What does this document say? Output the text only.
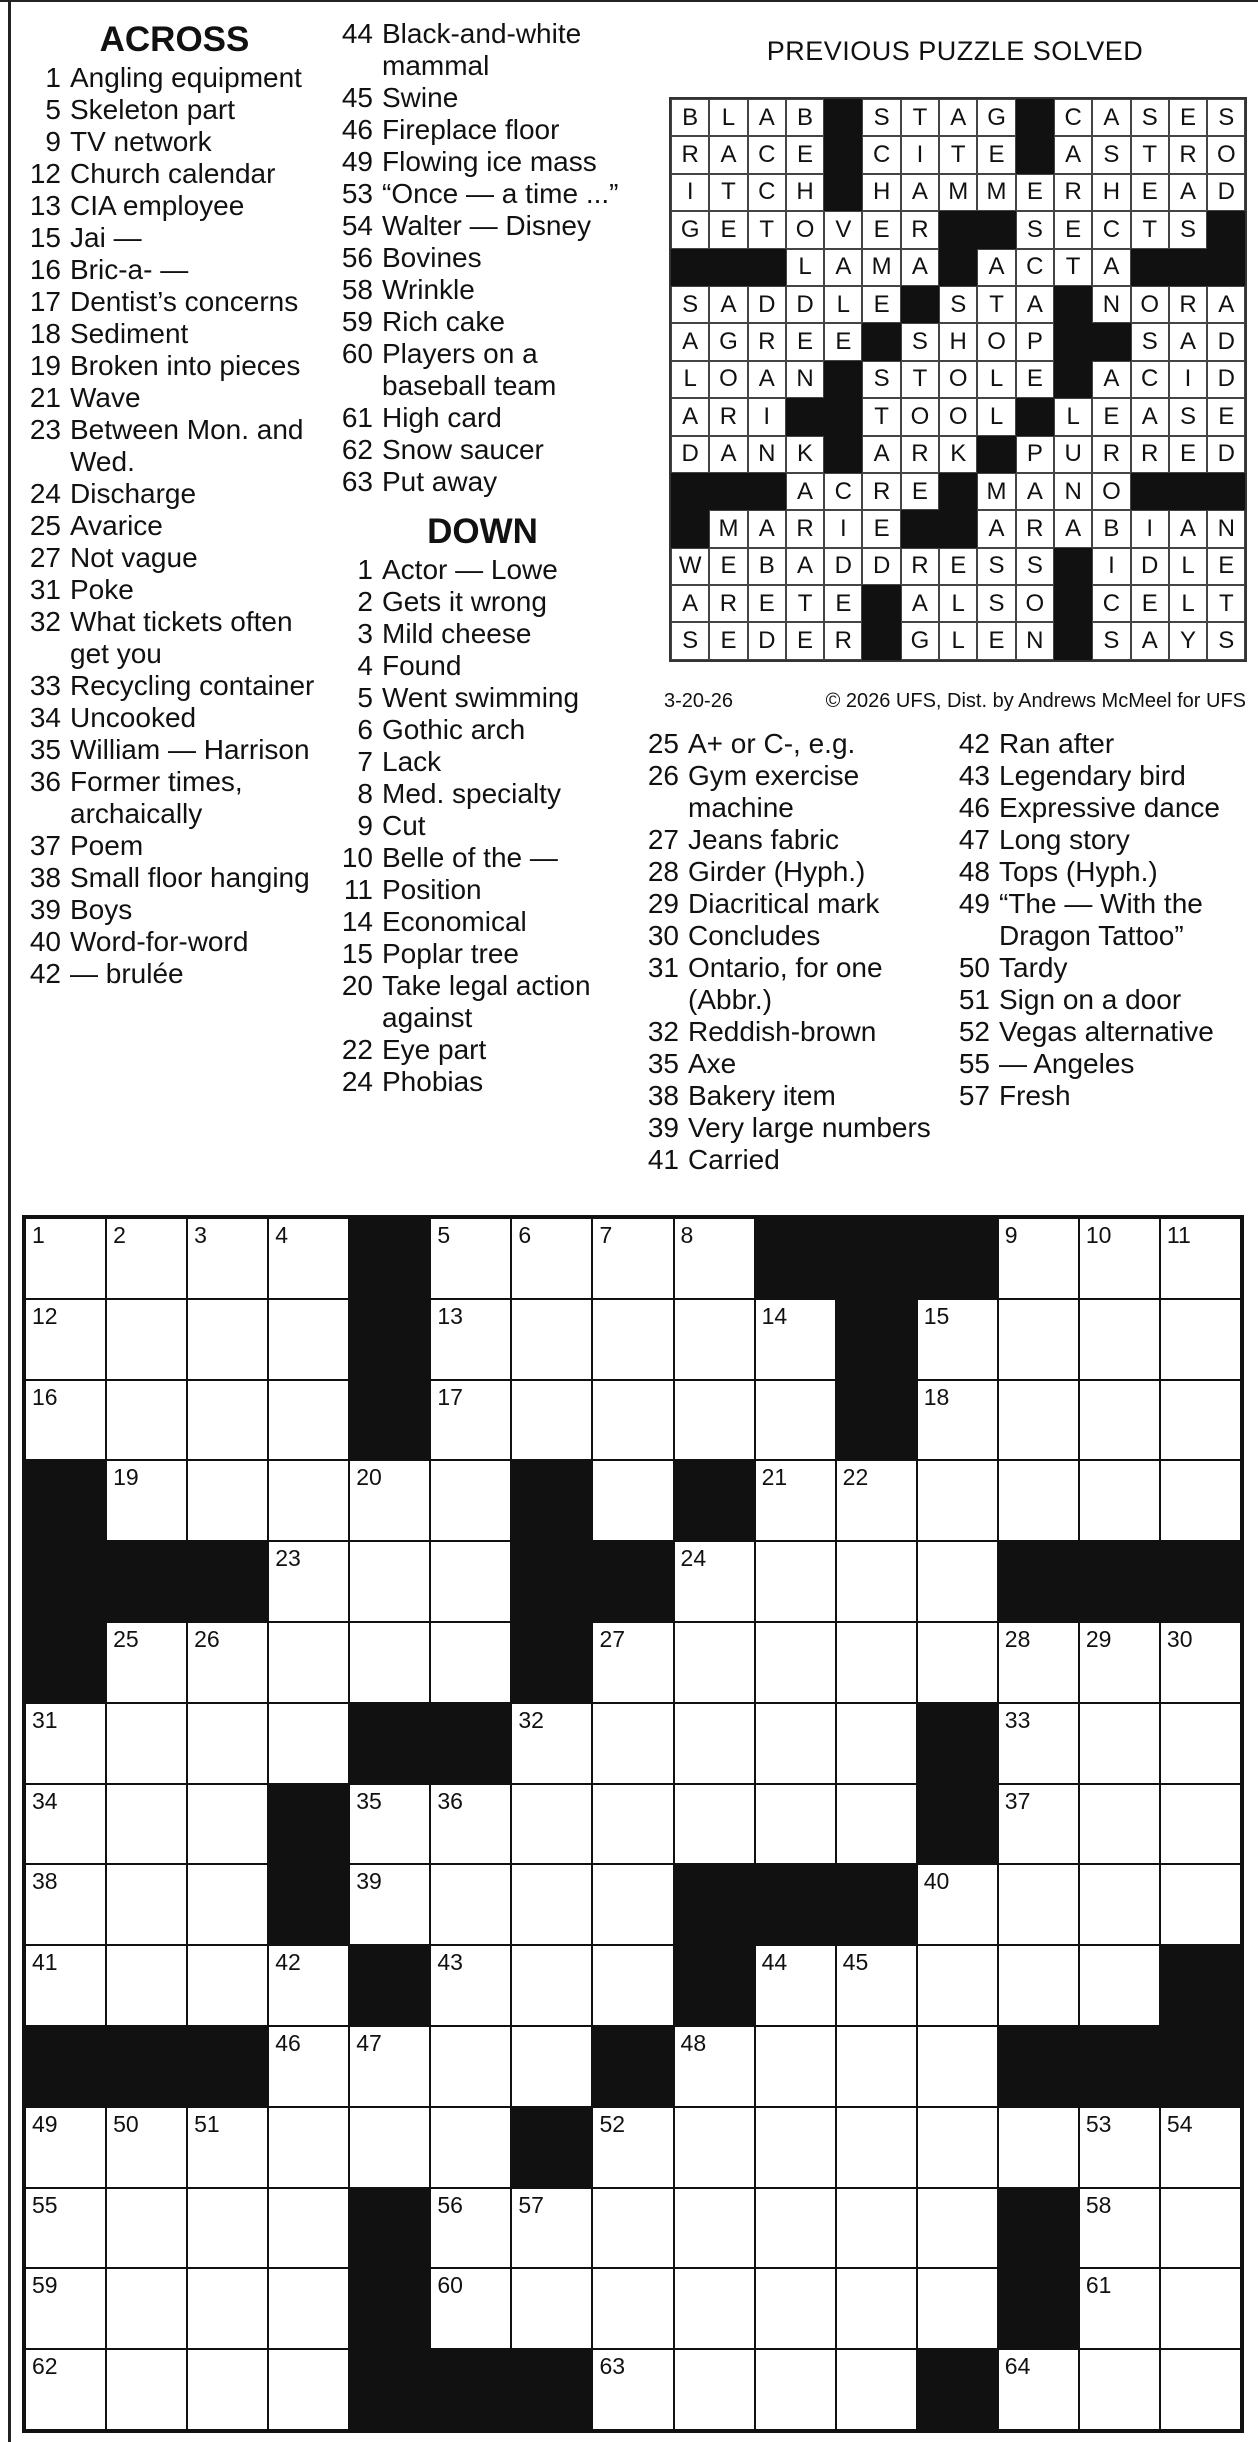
ACROSS
1 Angling equipment
5 Skeleton part
9 TV network
12 Church calendar
13 CIA employee
15 Jai —
16 Bric-a- —
17 Dentist’s concerns
18 Sediment
19 Broken into pieces
21 Wave
23 Between Mon. and Wed.
24 Discharge
25 Avarice
27 Not vague
31 Poke
32 What tickets often get you
33 Recycling container
34 Uncooked
35 William — Harrison
36 Former times, archaically
37 Poem
38 Small floor hanging
39 Boys
40 Word-for-word
42 — brulée
44 Black-and-white mammal
45 Swine
46 Fireplace floor
49 Flowing ice mass
53 “Once — a time ...”
54 Walter — Disney
56 Bovines
58 Wrinkle
59 Rich cake
60 Players on a baseball team
61 High card
62 Snow saucer
63 Put away
DOWN
1 Actor — Lowe
2 Gets it wrong
3 Mild cheese
4 Found
5 Went swimming
6 Gothic arch
7 Lack
8 Med. specialty
9 Cut
10 Belle of the —
11 Position
14 Economical
15 Poplar tree
20 Take legal action against
22 Eye part
24 Phobias
25 A+ or C-, e.g.
26 Gym exercise machine
27 Jeans fabric
28 Girder (Hyph.)
29 Diacritical mark
30 Concludes
31 Ontario, for one (Abbr.)
32 Reddish-brown
35 Axe
38 Bakery item
39 Very large numbers
41 Carried
42 Ran after
43 Legendary bird
46 Expressive dance
47 Long story
48 Tops (Hyph.)
49 “The — With the Dragon Tattoo”
50 Tardy
51 Sign on a door
52 Vegas alternative
55 — Angeles
57 Fresh
PREVIOUS PUZZLE SOLVED
B L A B	S T A G	C A S E S
R A C E	C	I	T E	A S T R O
I	T C H	H A M M E R H E A D
G E T O V E R	S E C T S
L A M A	A C T A
S A D D L E	S T A	N O R A
A G R E E	S H O P	S A D
L O A N	S T O L E	A C	I	D
A R	I	T O O L	L E A S E
D A N K	A R K	P U R R E D
A C R E	M A N O
M A R	I	E	A R A B	I	A N
W E B A D D R E S S	I	D L E
A R E T E	A L S O	C E L	T
S E D E R	G L E N	S A Y S
3-20-26	© 2026 UFS, Dist. by Andrews McMeel for UFS
1	2	3	4	5	6	7	8	9	10 11
12	13	14	15
16	17	18
19	20	21 22
23	24
25 26	27	28 29 30
31	32	33
34	35 36	37
38	39	40
41	42	43	44 45
46 47	48
49 50 51	52	53 54
55	56 57	58
59	60	61
62	63	64
